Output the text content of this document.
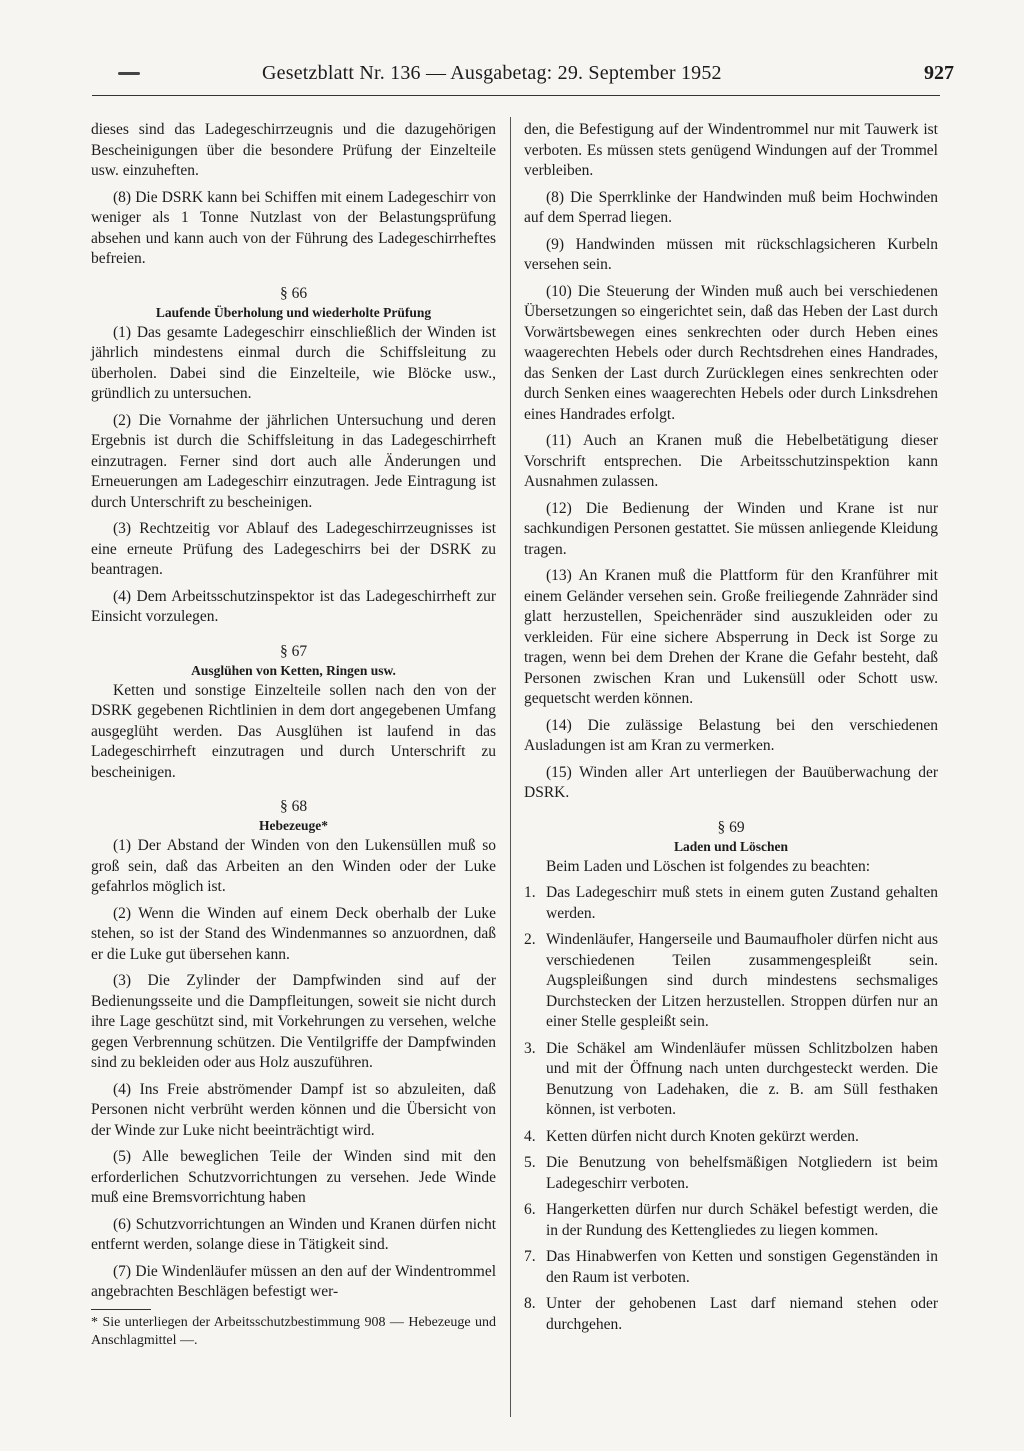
Gesetzblatt Nr. 136 — Ausgabetag: 29. September 1952	927

dieses sind das Ladegeschirrzeugnis und die dazugehörigen Bescheinigungen über die besondere Prüfung der Einzelteile usw. einzuheften.

(8) Die DSRK kann bei Schiffen mit einem Ladegeschirr von weniger als 1 Tonne Nutzlast von der Belastungsprüfung absehen und kann auch von der Führung des Ladegeschirrheftes befreien.

§ 66
Laufende Überholung und wiederholte Prüfung

(1) Das gesamte Ladegeschirr einschließlich der Winden ist jährlich mindestens einmal durch die Schiffsleitung zu überholen. Dabei sind die Einzelteile, wie Blöcke usw., gründlich zu untersuchen.

(2) Die Vornahme der jährlichen Untersuchung und deren Ergebnis ist durch die Schiffsleitung in das Ladegeschirrheft einzutragen. Ferner sind dort auch alle Änderungen und Erneuerungen am Ladegeschirr einzutragen. Jede Eintragung ist durch Unterschrift zu bescheinigen.

(3) Rechtzeitig vor Ablauf des Ladegeschirrzeugnisses ist eine erneute Prüfung des Ladegeschirrs bei der DSRK zu beantragen.

(4) Dem Arbeitsschutzinspektor ist das Ladegeschirrheft zur Einsicht vorzulegen.

§ 67
Ausglühen von Ketten, Ringen usw.

Ketten und sonstige Einzelteile sollen nach den von der DSRK gegebenen Richtlinien in dem dort angegebenen Umfang ausgeglüht werden. Das Ausglühen ist laufend in das Ladegeschirrheft einzutragen und durch Unterschrift zu bescheinigen.

§ 68
Hebezeuge*

(1) Der Abstand der Winden von den Lukensüllen muß so groß sein, daß das Arbeiten an den Winden oder der Luke gefahrlos möglich ist.

(2) Wenn die Winden auf einem Deck oberhalb der Luke stehen, so ist der Stand des Windenmannes so anzuordnen, daß er die Luke gut übersehen kann.

(3) Die Zylinder der Dampfwinden sind auf der Bedienungsseite und die Dampfleitungen, soweit sie nicht durch ihre Lage geschützt sind, mit Vorkehrungen zu versehen, welche gegen Verbrennung schützen. Die Ventilgriffe der Dampfwinden sind zu bekleiden oder aus Holz auszuführen.

(4) Ins Freie abströmender Dampf ist so abzuleiten, daß Personen nicht verbrüht werden können und die Übersicht von der Winde zur Luke nicht beeinträchtigt wird.

(5) Alle beweglichen Teile der Winden sind mit den erforderlichen Schutzvorrichtungen zu versehen. Jede Winde muß eine Bremsvorrichtung haben

(6) Schutzvorrichtungen an Winden und Kranen dürfen nicht entfernt werden, solange diese in Tätigkeit sind.

(7) Die Windenläufer müssen an den auf der Windentrommel angebrachten Beschlägen befestigt wer-

* Sie unterliegen der Arbeitsschutzbestimmung 908 — Hebezeuge und Anschlagmittel —.

den, die Befestigung auf der Windentrommel nur mit Tauwerk ist verboten. Es müssen stets genügend Windungen auf der Trommel verbleiben.

(8) Die Sperrklinke der Handwinden muß beim Hochwinden auf dem Sperrad liegen.

(9) Handwinden müssen mit rückschlagsicheren Kurbeln versehen sein.

(10) Die Steuerung der Winden muß auch bei verschiedenen Übersetzungen so eingerichtet sein, daß das Heben der Last durch Vorwärtsbewegen eines senkrechten oder durch Heben eines waagerechten Hebels oder durch Rechtsdrehen eines Handrades, das Senken der Last durch Zurücklegen eines senkrechten oder durch Senken eines waagerechten Hebels oder durch Linksdrehen eines Handrades erfolgt.

(11) Auch an Kranen muß die Hebelbetätigung dieser Vorschrift entsprechen. Die Arbeitsschutzinspektion kann Ausnahmen zulassen.

(12) Die Bedienung der Winden und Krane ist nur sachkundigen Personen gestattet. Sie müssen anliegende Kleidung tragen.

(13) An Kranen muß die Plattform für den Kranführer mit einem Geländer versehen sein. Große freiliegende Zahnräder sind glatt herzustellen, Speichenräder sind auszukleiden oder zu verkleiden. Für eine sichere Absperrung in Deck ist Sorge zu tragen, wenn bei dem Drehen der Krane die Gefahr besteht, daß Personen zwischen Kran und Lukensüll oder Schott usw. gequetscht werden können.

(14) Die zulässige Belastung bei den verschiedenen Ausladungen ist am Kran zu vermerken.

(15) Winden aller Art unterliegen der Bauüberwachung der DSRK.

§ 69
Laden und Löschen

Beim Laden und Löschen ist folgendes zu beachten:

1. Das Ladegeschirr muß stets in einem guten Zustand gehalten werden.
2. Windenläufer, Hangerseile und Baumaufholer dürfen nicht aus verschiedenen Teilen zusammengespleißt sein. Augspleißungen sind durch mindestens sechsmaliges Durchstecken der Litzen herzustellen. Stroppen dürfen nur an einer Stelle gespleißt sein.
3. Die Schäkel am Windenläufer müssen Schlitzbolzen haben und mit der Öffnung nach unten durchgesteckt werden. Die Benutzung von Ladehaken, die z. B. am Süll festhaken können, ist verboten.
4. Ketten dürfen nicht durch Knoten gekürzt werden.
5. Die Benutzung von behelfsmäßigen Notgliedern ist beim Ladegeschirr verboten.
6. Hangerketten dürfen nur durch Schäkel befestigt werden, die in der Rundung des Kettengliedes zu liegen kommen.
7. Das Hinabwerfen von Ketten und sonstigen Gegenständen in den Raum ist verboten.
8. Unter der gehobenen Last darf niemand stehen oder durchgehen.
